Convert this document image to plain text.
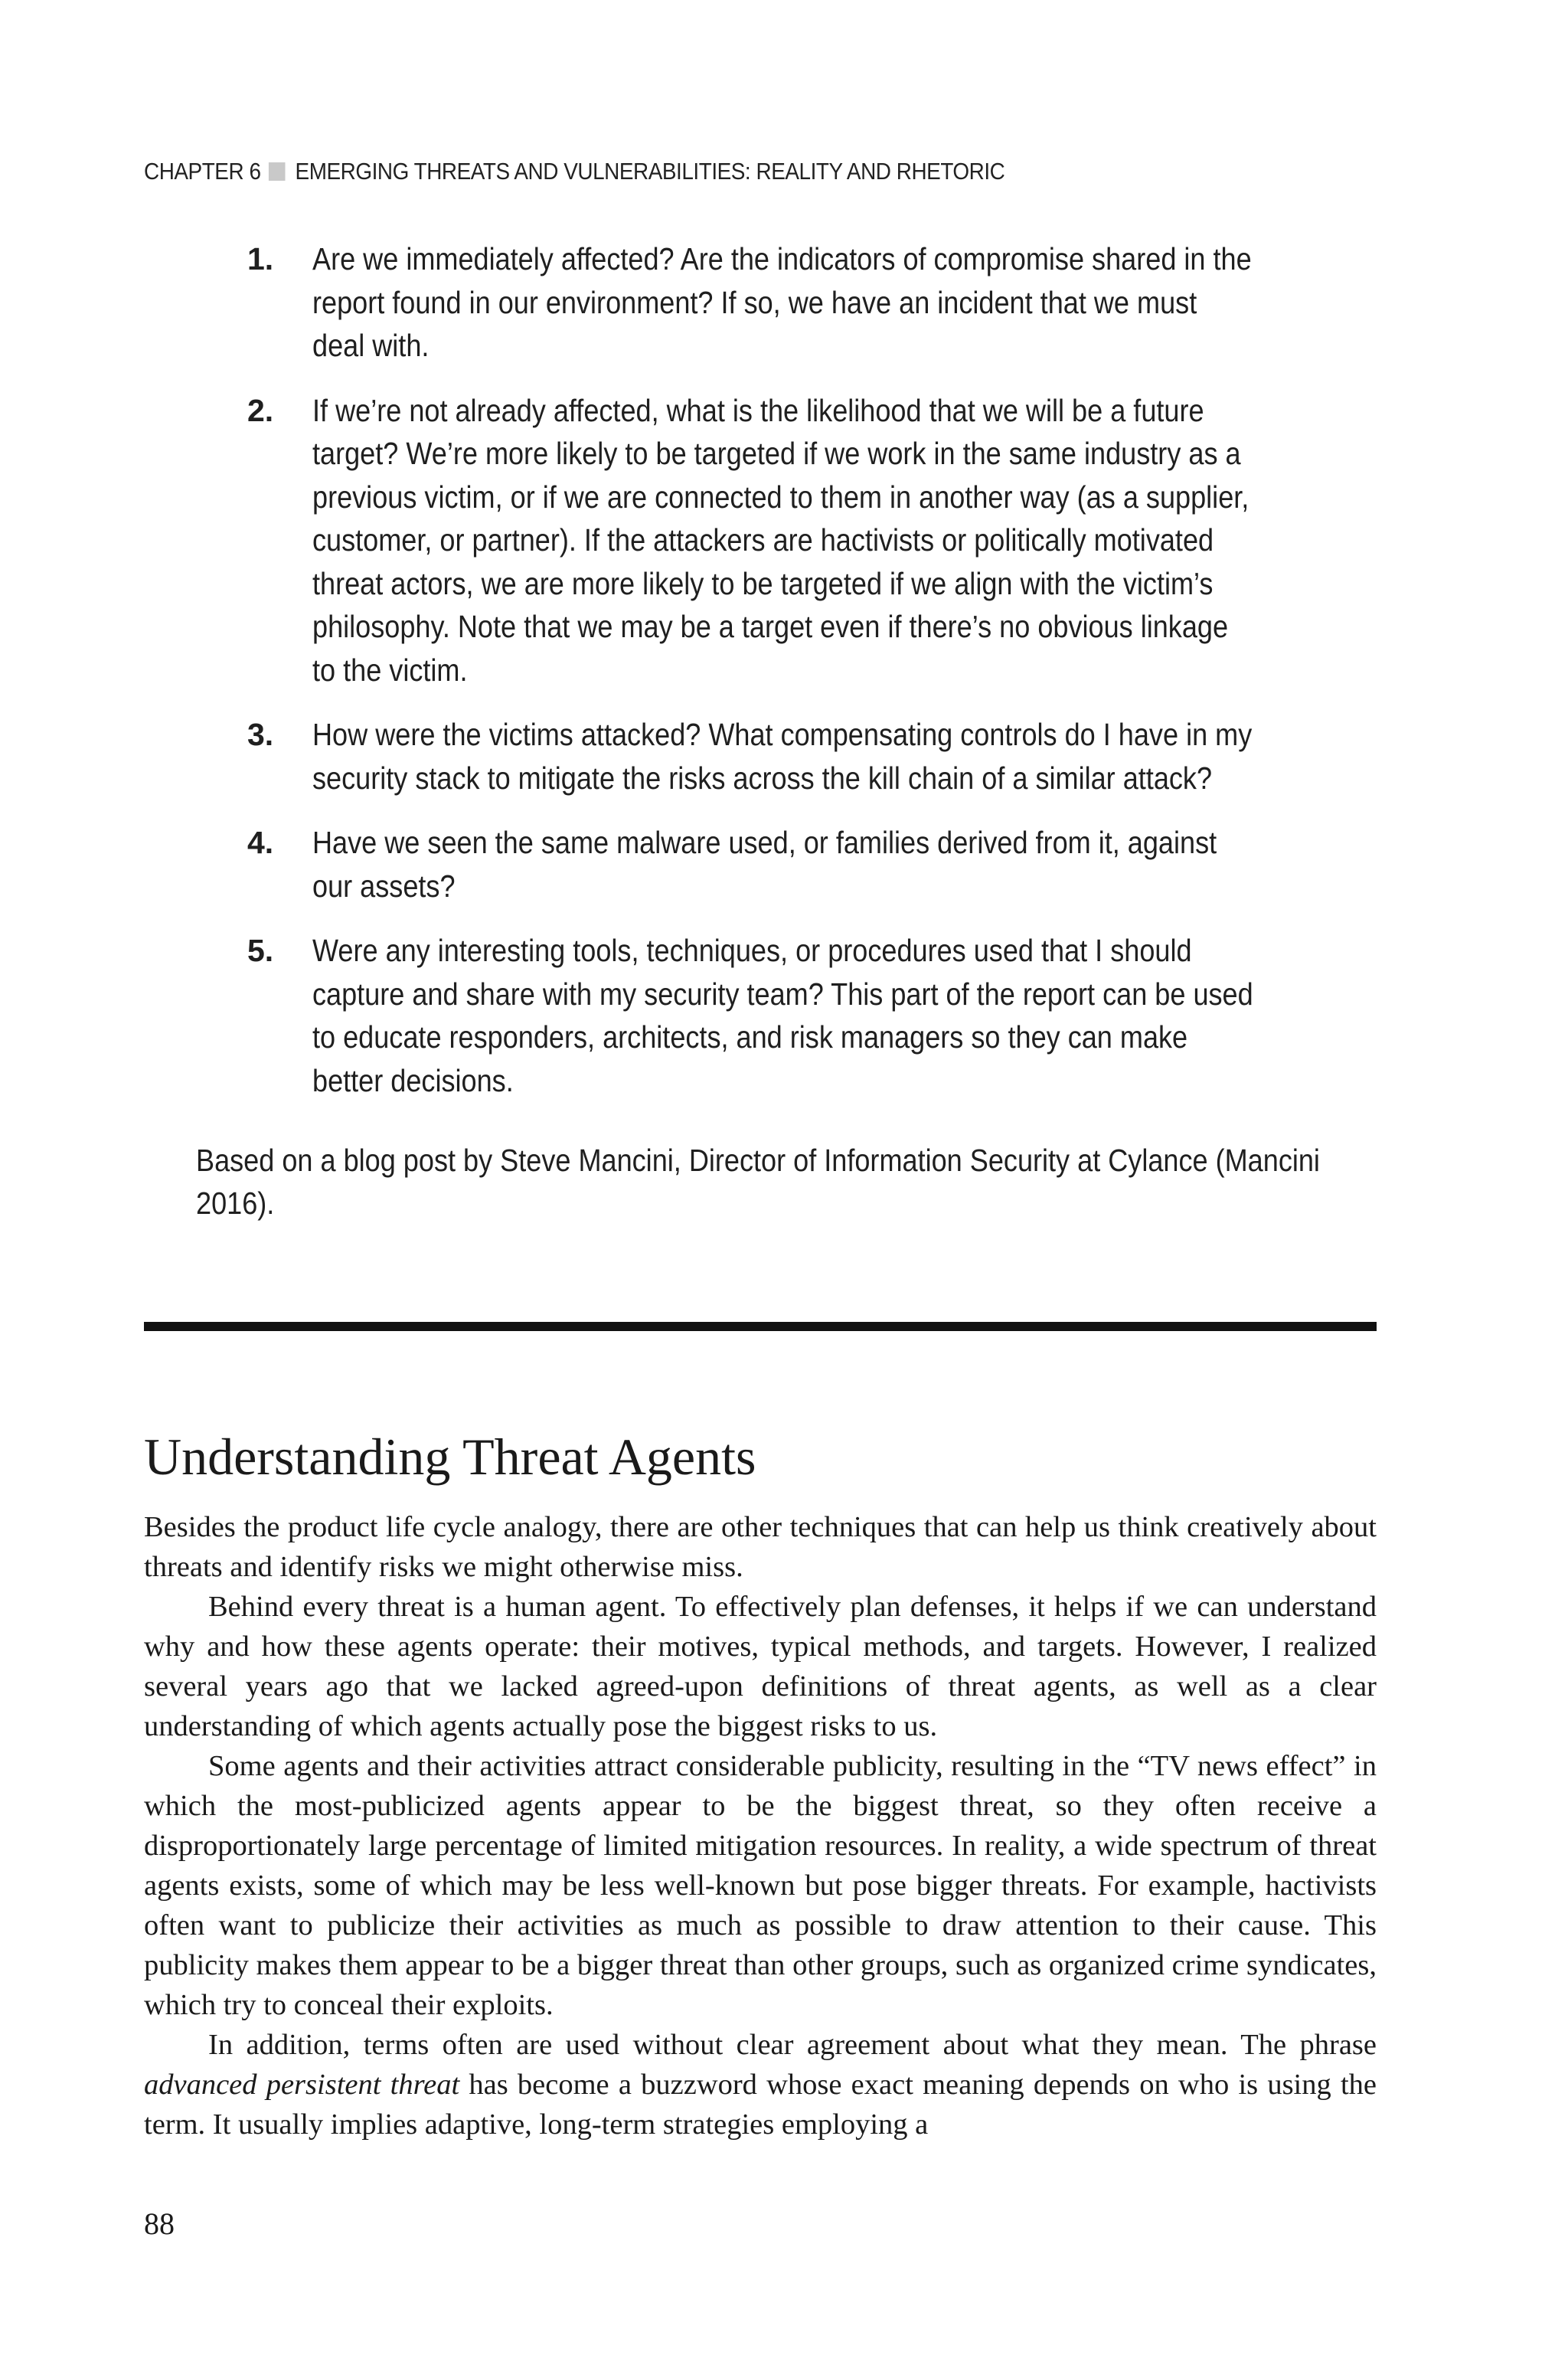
CHAPTER 6 EMERGING THREATS AND VULNERABILITIES: REALITY AND RHETORIC
1. Are we immediately affected? Are the indicators of compromise shared in the report found in our environment? If so, we have an incident that we must deal with.
2. If we’re not already affected, what is the likelihood that we will be a future target? We’re more likely to be targeted if we work in the same industry as a previous victim, or if we are connected to them in another way (as a supplier, customer, or partner). If the attackers are hactivists or politically motivated threat actors, we are more likely to be targeted if we align with the victim’s philosophy. Note that we may be a target even if there’s no obvious linkage to the victim.
3. How were the victims attacked? What compensating controls do I have in my security stack to mitigate the risks across the kill chain of a similar attack?
4. Have we seen the same malware used, or families derived from it, against our assets?
5. Were any interesting tools, techniques, or procedures used that I should capture and share with my security team? This part of the report can be used to educate responders, architects, and risk managers so they can make better decisions.
Based on a blog post by Steve Mancini, Director of Information Security at Cylance (Mancini 2016).
Understanding Threat Agents

Besides the product life cycle analogy, there are other techniques that can help us think creatively about threats and identify risks we might otherwise miss.

Behind every threat is a human agent. To effectively plan defenses, it helps if we can understand why and how these agents operate: their motives, typical methods, and targets. However, I realized several years ago that we lacked agreed-upon definitions of threat agents, as well as a clear understanding of which agents actually pose the biggest risks to us.

Some agents and their activities attract considerable publicity, resulting in the “TV news effect” in which the most-publicized agents appear to be the biggest threat, so they often receive a disproportionately large percentage of limited mitigation resources. In reality, a wide spectrum of threat agents exists, some of which may be less well-known but pose bigger threats. For example, hactivists often want to publicize their activities as much as possible to draw attention to their cause. This publicity makes them appear to be a bigger threat than other groups, such as organized crime syndicates, which try to conceal their exploits.

In addition, terms often are used without clear agreement about what they mean. The phrase advanced persistent threat has become a buzzword whose exact meaning depends on who is using the term. It usually implies adaptive, long-term strategies employing a

88
